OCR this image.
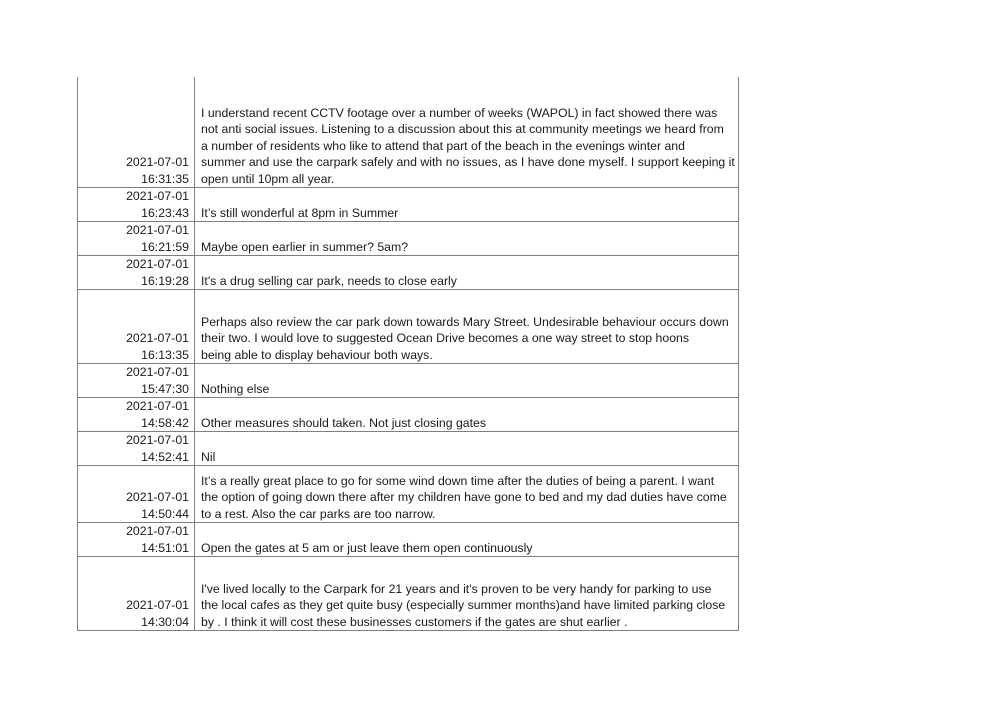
2021-07-01
16:31:35	I understand recent CCTV footage over a number of weeks (WAPOL) in fact showed there was
not anti social issues. Listening to a discussion about this at community meetings we heard from
a number of residents who like to attend that part of the beach in the evenings winter and
summer and use the carpark safely and with no issues, as I have done myself. I support keeping it
open until 10pm all year.

2021-07-01
16:23:43	It’s still wonderful at 8pm in Summer

2021-07-01
16:21:59	Maybe open earlier in summer? 5am?

2021-07-01
16:19:28	It's a drug selling car park, needs to close early

2021-07-01
16:13:35	Perhaps also review the car park down towards Mary Street. Undesirable behaviour occurs down
their two. I would love to suggested Ocean Drive becomes a one way street to stop hoons
being able to display behaviour both ways.

2021-07-01
15:47:30	Nothing else

2021-07-01
14:58:42	Other measures should taken. Not just closing gates

2021-07-01
14:52:41	Nil

2021-07-01
14:50:44	It’s a really great place to go for some wind down time after the duties of being a parent. I want
the option of going down there after my children have gone to bed and my dad duties have come
to a rest. Also the car parks are too narrow.

2021-07-01
14:51:01	Open the gates at 5 am or just leave them open continuously

2021-07-01
14:30:04	I've lived locally to the Carpark for 21 years and it's proven to be very handy for parking to use
the local cafes as they get quite busy (especially summer months)and have limited parking close
by . I think it will cost these businesses customers if the gates are shut earlier .
